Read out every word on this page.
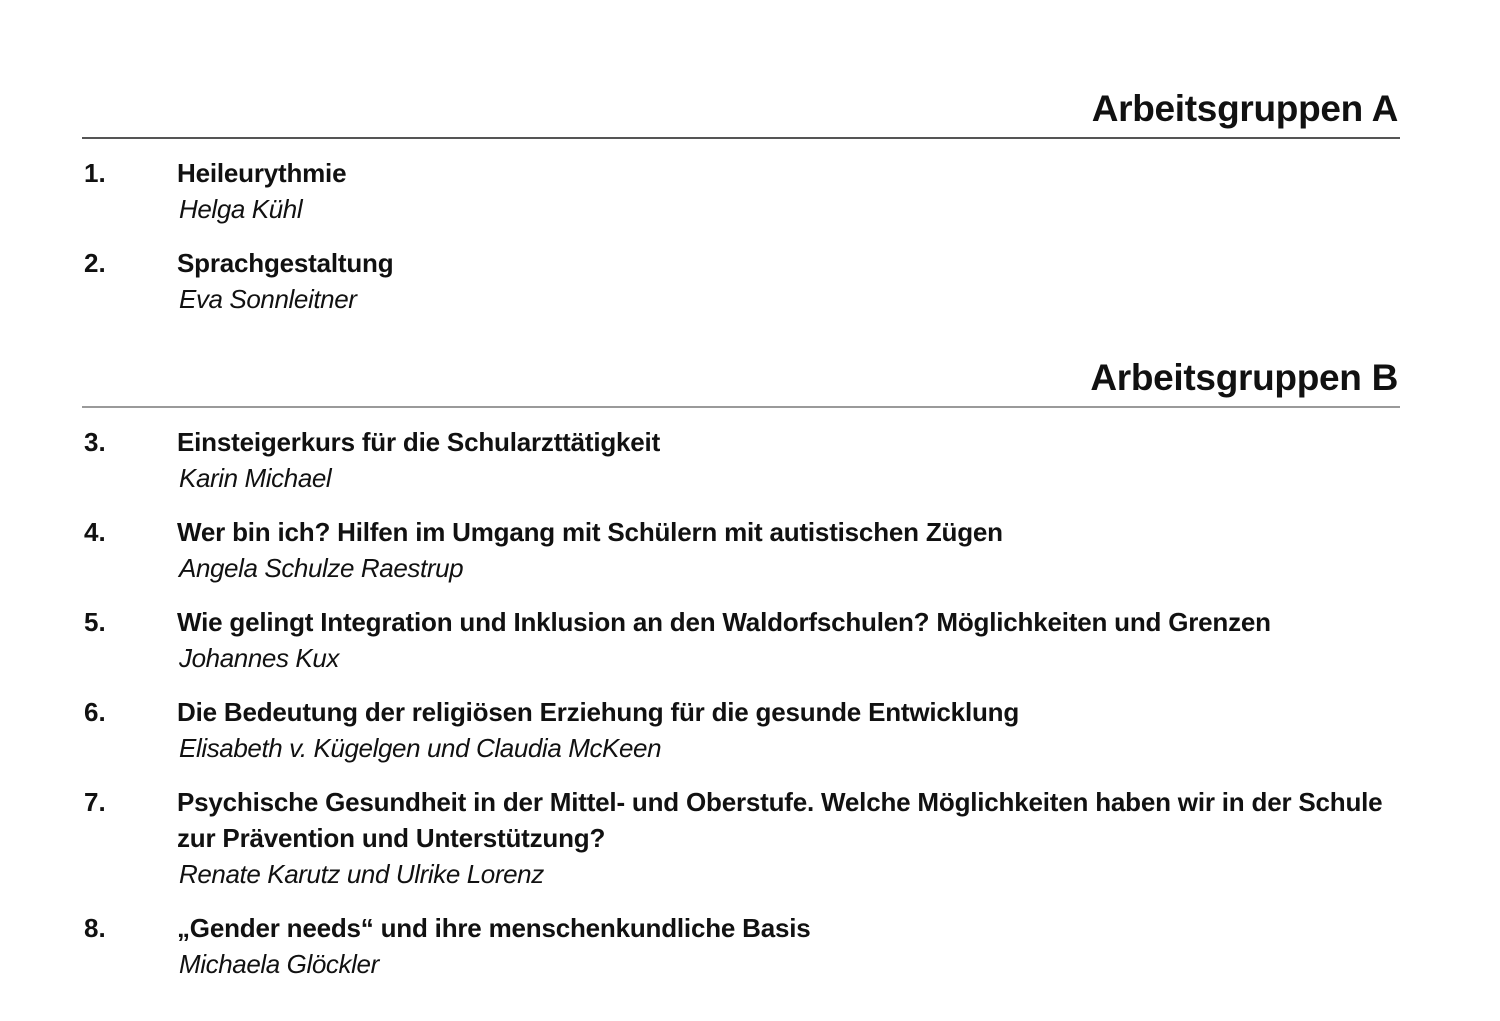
Arbeitsgruppen A
1.	Heileurythmie
Helga Kühl
2.	Sprachgestaltung
Eva Sonnleitner
Arbeitsgruppen B
3.	Einsteigerkurs für die Schularzttätigkeit
Karin Michael
4.	Wer bin ich? Hilfen im Umgang mit Schülern mit autistischen Zügen
Angela Schulze Raestrup
5.	Wie gelingt Integration und Inklusion an den Waldorfschulen? Möglichkeiten und Grenzen
Johannes Kux
6.	Die Bedeutung der religiösen Erziehung für die gesunde Entwicklung
Elisabeth v. Kügelgen und Claudia McKeen
7.	Psychische Gesundheit in der Mittel- und Oberstufe. Welche Möglichkeiten haben wir in der Schule zur Prävention und Unterstützung?
Renate Karutz und Ulrike Lorenz
8.	„Gender needs“ und ihre menschenkundliche Basis
Michaela Glöckler
